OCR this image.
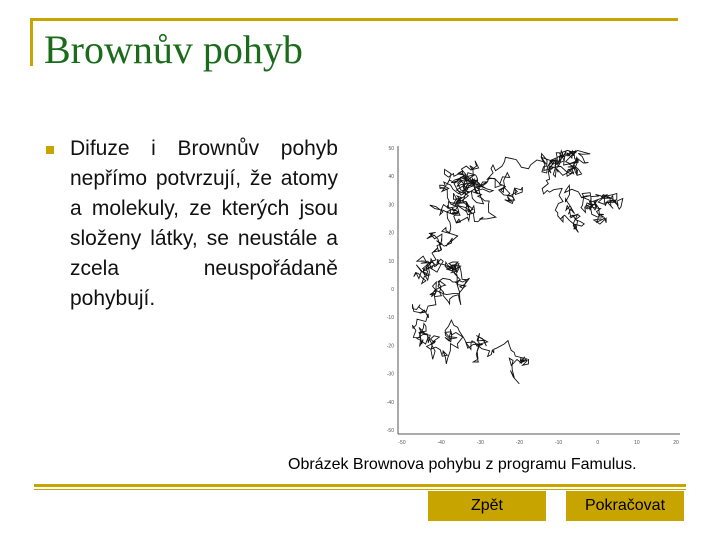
Brownův pohyb
Difuze i Brownův pohyb nepřímo potvrzují, že atomy a molekuly, ze kterých jsou složeny látky, se neustále a zcela neuspořádaně pohybují.
50
40
30
20
10
0
-10
-20
-30
-40
-50
-50	-40	-30	-20	-10	0	10	20
Obrázek Brownova pohybu z programu Famulus.
Zpět	Pokračovat
